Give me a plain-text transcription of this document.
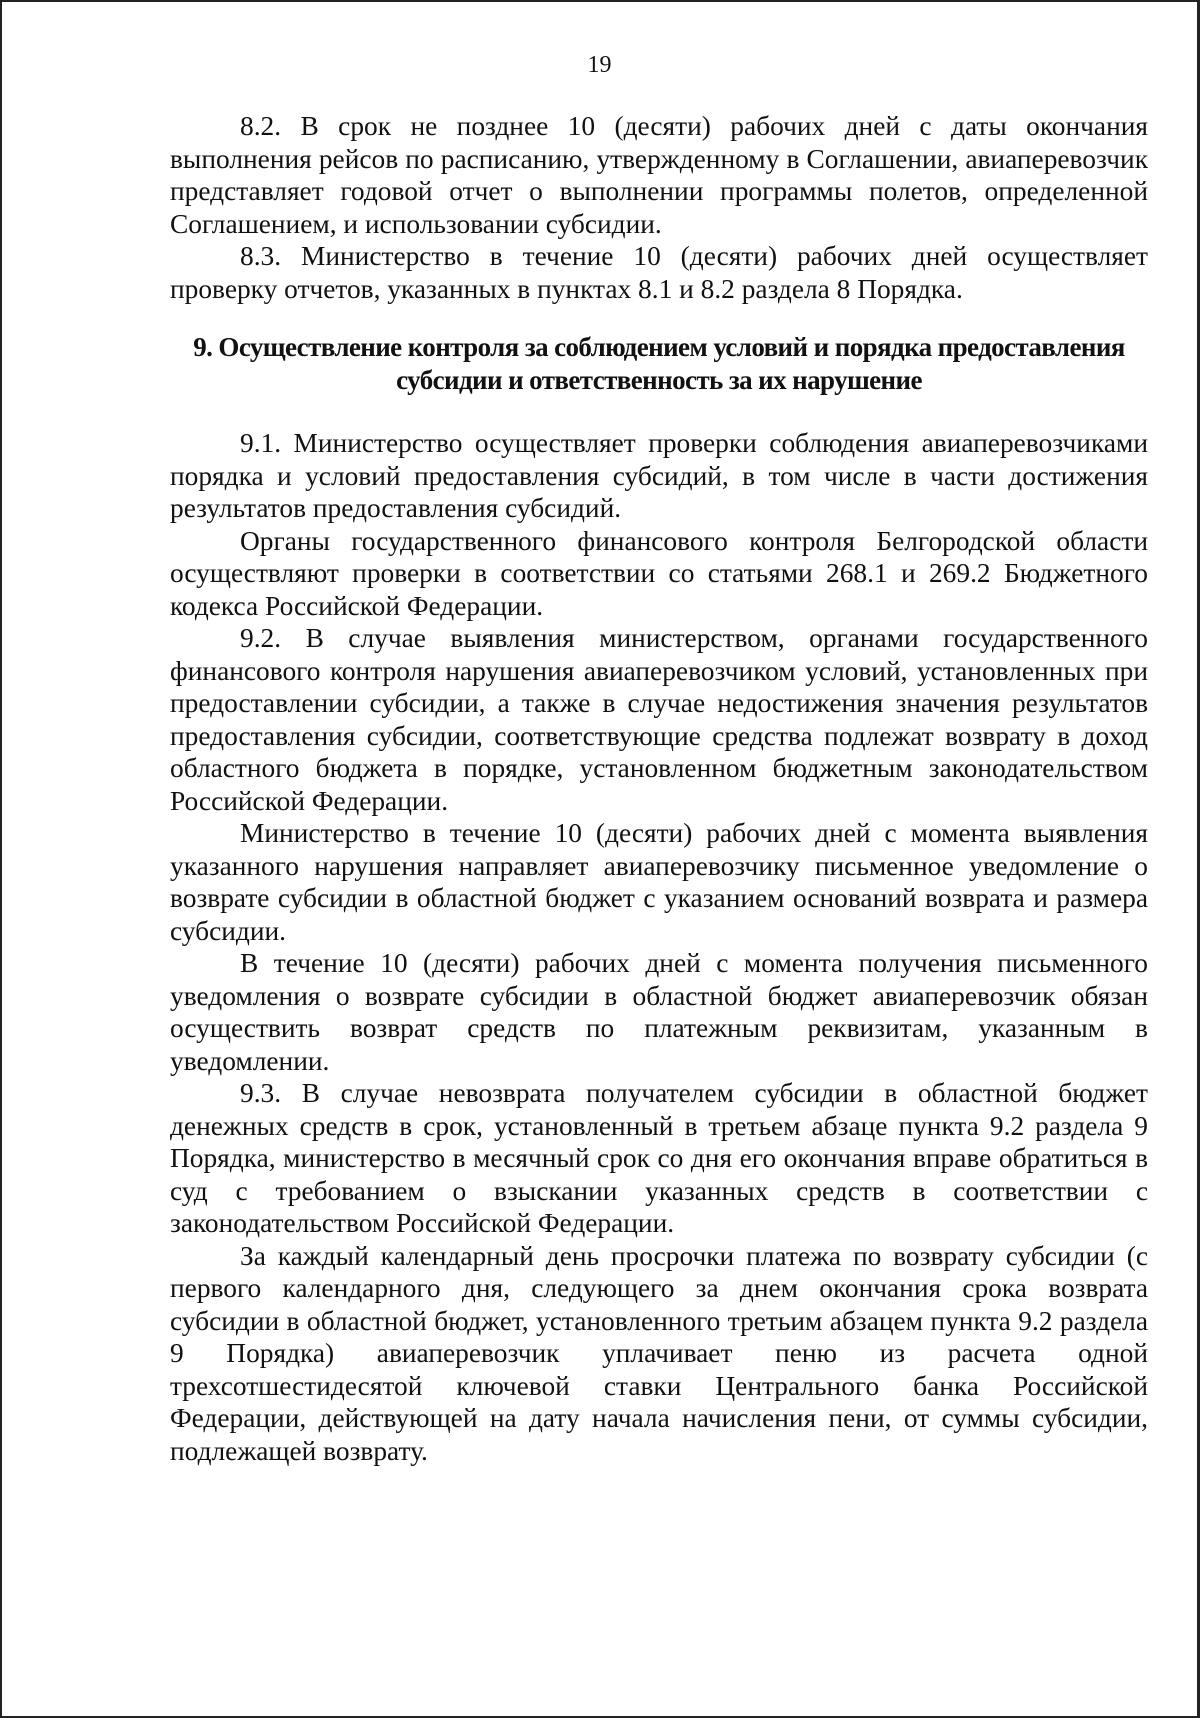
19

8.2. В срок не позднее 10 (десяти) рабочих дней с даты окончания выполнения рейсов по расписанию, утвержденному в Соглашении, авиаперевозчик представляет годовой отчет о выполнении программы полетов, определенной Соглашением, и использовании субсидии.

8.3. Министерство в течение 10 (десяти) рабочих дней осуществляет проверку отчетов, указанных в пунктах 8.1 и 8.2 раздела 8 Порядка.

9. Осуществление контроля за соблюдением условий и порядка предоставления субсидии и ответственность за их нарушение

9.1. Министерство осуществляет проверки соблюдения авиаперевозчиками порядка и условий предоставления субсидий, в том числе в части достижения результатов предоставления субсидий.

Органы государственного финансового контроля Белгородской области осуществляют проверки в соответствии со статьями 268.1 и 269.2 Бюджетного кодекса Российской Федерации.

9.2. В случае выявления министерством, органами государственного финансового контроля нарушения авиаперевозчиком условий, установленных при предоставлении субсидии, а также в случае недостижения значения результатов предоставления субсидии, соответствующие средства подлежат возврату в доход областного бюджета в порядке, установленном бюджетным законодательством Российской Федерации.

Министерство в течение 10 (десяти) рабочих дней с момента выявления указанного нарушения направляет авиаперевозчику письменное уведомление о возврате субсидии в областной бюджет с указанием оснований возврата и размера субсидии.

В течение 10 (десяти) рабочих дней с момента получения письменного уведомления о возврате субсидии в областной бюджет авиаперевозчик обязан осуществить возврат средств по платежным реквизитам, указанным в уведомлении.

9.3. В случае невозврата получателем субсидии в областной бюджет денежных средств в срок, установленный в третьем абзаце пункта 9.2 раздела 9 Порядка, министерство в месячный срок со дня его окончания вправе обратиться в суд с требованием о взыскании указанных средств в соответствии с законодательством Российской Федерации.

За каждый календарный день просрочки платежа по возврату субсидии (с первого календарного дня, следующего за днем окончания срока возврата субсидии в областной бюджет, установленного третьим абзацем пункта 9.2 раздела 9 Порядка) авиаперевозчик уплачивает пеню из расчета одной трехсотшестидесятой ключевой ставки Центрального банка Российской Федерации, действующей на дату начала начисления пени, от суммы субсидии, подлежащей возврату.
